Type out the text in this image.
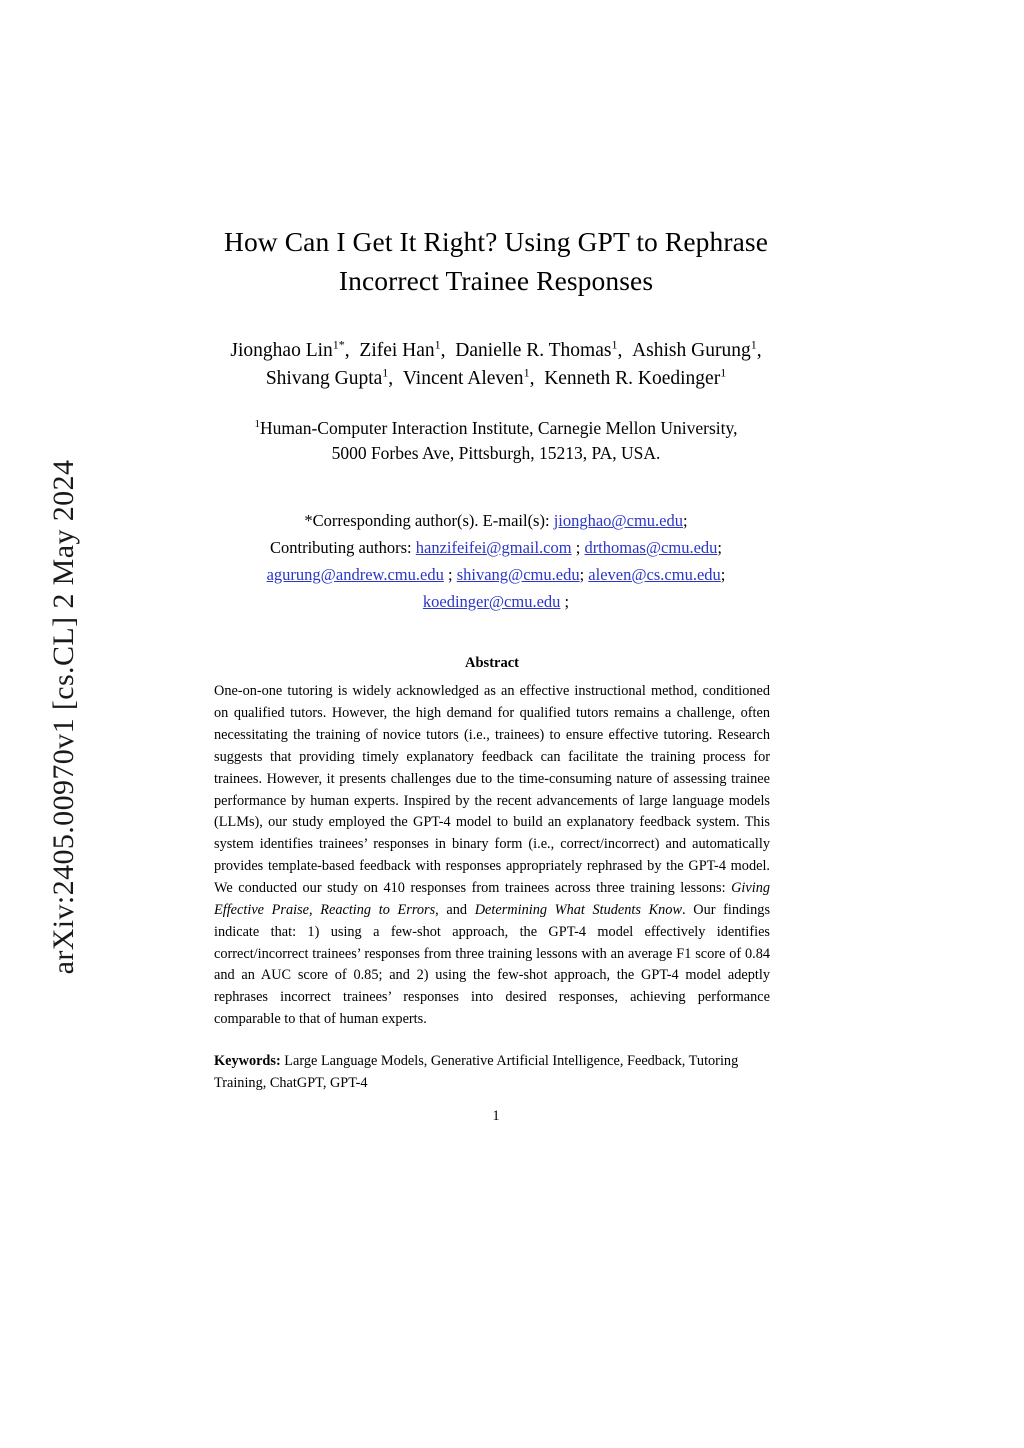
arXiv:2405.00970v1 [cs.CL] 2 May 2024
How Can I Get It Right? Using GPT to Rephrase Incorrect Trainee Responses
Jionghao Lin$^{1*}$,  Zifei Han$^1$,  Danielle R. Thomas$^1$,  Ashish Gurung$^1$,
Shivang Gupta$^1$,  Vincent Aleven$^1$,  Kenneth R. Koedinger$^1$
$^1$Human-Computer Interaction Institute, Carnegie Mellon University,
5000 Forbes Ave, Pittsburgh, 15213, PA, USA.
*Corresponding author(s). E-mail(s): jionghao@cmu.edu;
Contributing authors: hanzifeifei@gmail.com ; drthomas@cmu.edu;
agurung@andrew.cmu.edu ; shivang@cmu.edu; aleven@cs.cmu.edu;
koedinger@cmu.edu ;
Abstract
One-on-one tutoring is widely acknowledged as an effective instructional method, conditioned on qualified tutors. However, the high demand for qualified tutors remains a challenge, often necessitating the training of novice tutors (i.e., trainees) to ensure effective tutoring. Research suggests that providing timely explanatory feedback can facilitate the training process for trainees. However, it presents challenges due to the time-consuming nature of assessing trainee performance by human experts. Inspired by the recent advancements of large language models (LLMs), our study employed the GPT-4 model to build an explanatory feedback system. This system identifies trainees’ responses in binary form (i.e., correct/incorrect) and automatically provides template-based feedback with responses appropriately rephrased by the GPT-4 model. We conducted our study on 410 responses from trainees across three training lessons: Giving Effective Praise, Reacting to Errors, and Determining What Students Know. Our findings indicate that: 1) using a few-shot approach, the GPT-4 model effectively identifies correct/incorrect trainees’ responses from three training lessons with an average F1 score of 0.84 and an AUC score of 0.85; and 2) using the few-shot approach, the GPT-4 model adeptly rephrases incorrect trainees’ responses into desired responses, achieving performance comparable to that of human experts.
Keywords: Large Language Models, Generative Artificial Intelligence, Feedback, Tutoring Training, ChatGPT, GPT-4
1
